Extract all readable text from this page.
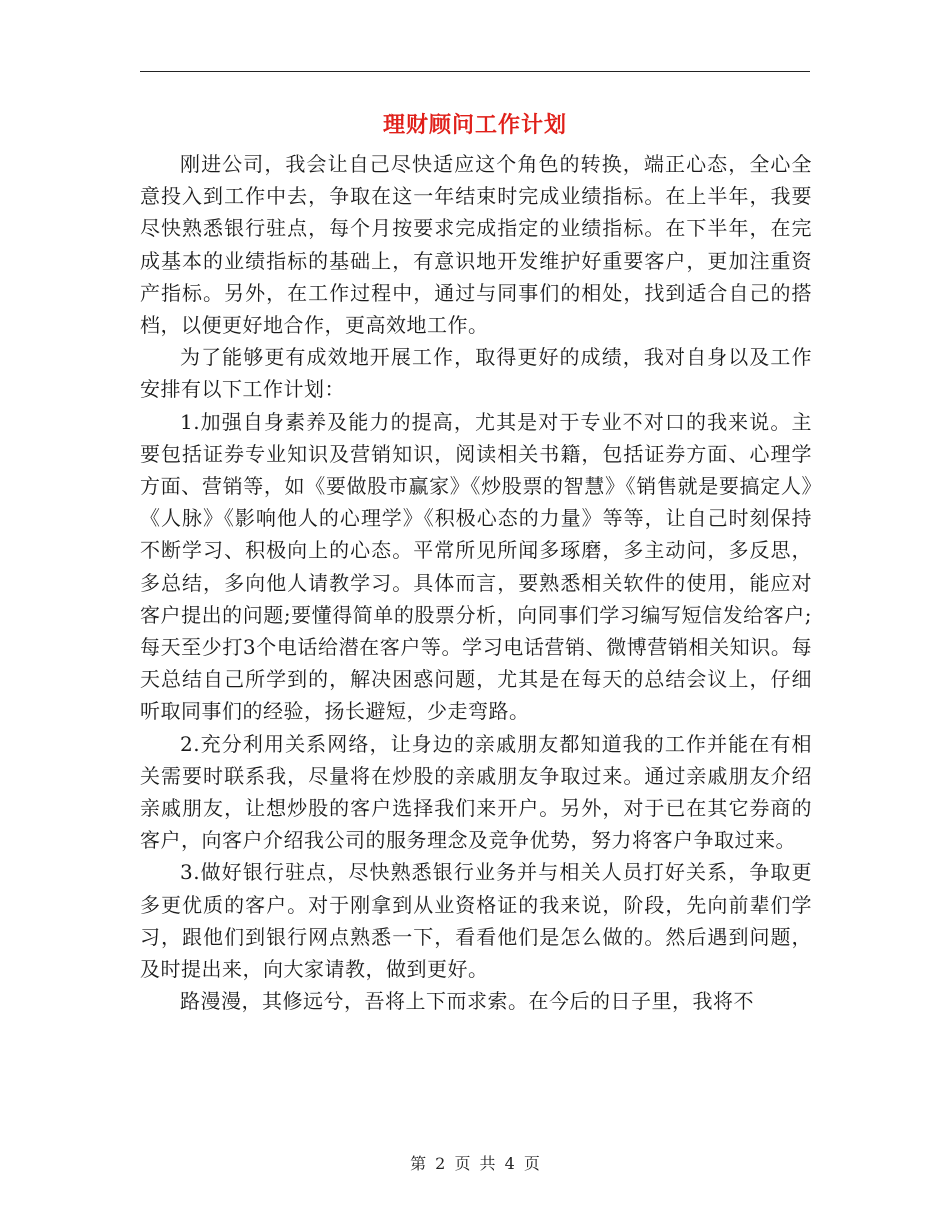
理财顾问工作计划

刚进公司，我会让自己尽快适应这个角色的转换，端正心态，全心全意投入到工作中去，争取在这一年结束时完成业绩指标。在上半年，我要尽快熟悉银行驻点，每个月按要求完成指定的业绩指标。在下半年，在完成基本的业绩指标的基础上，有意识地开发维护好重要客户，更加注重资产指标。另外，在工作过程中，通过与同事们的相处，找到适合自己的搭档，以便更好地合作，更高效地工作。

为了能够更有成效地开展工作，取得更好的成绩，我对自身以及工作安排有以下工作计划：

1.加强自身素养及能力的提高，尤其是对于专业不对口的我来说。主要包括证券专业知识及营销知识，阅读相关书籍，包括证券方面、心理学方面、营销等，如《要做股市赢家》《炒股票的智慧》《销售就是要搞定人》《人脉》《影响他人的心理学》《积极心态的力量》等等，让自己时刻保持不断学习、积极向上的心态。平常所见所闻多琢磨，多主动问，多反思，多总结，多向他人请教学习。具体而言，要熟悉相关软件的使用，能应对客户提出的问题;要懂得简单的股票分析，向同事们学习编写短信发给客户;每天至少打3个电话给潜在客户等。学习电话营销、微博营销相关知识。每天总结自己所学到的，解决困惑问题，尤其是在每天的总结会议上，仔细听取同事们的经验，扬长避短，少走弯路。

2.充分利用关系网络，让身边的亲戚朋友都知道我的工作并能在有相关需要时联系我，尽量将在炒股的亲戚朋友争取过来。通过亲戚朋友介绍亲戚朋友，让想炒股的客户选择我们来开户。另外，对于已在其它券商的客户，向客户介绍我公司的服务理念及竞争优势，努力将客户争取过来。

3.做好银行驻点，尽快熟悉银行业务并与相关人员打好关系，争取更多更优质的客户。对于刚拿到从业资格证的我来说，阶段，先向前辈们学习，跟他们到银行网点熟悉一下，看看他们是怎么做的。然后遇到问题，及时提出来，向大家请教，做到更好。

路漫漫，其修远兮，吾将上下而求索。在今后的日子里，我将不

第 2 页 共 4 页
